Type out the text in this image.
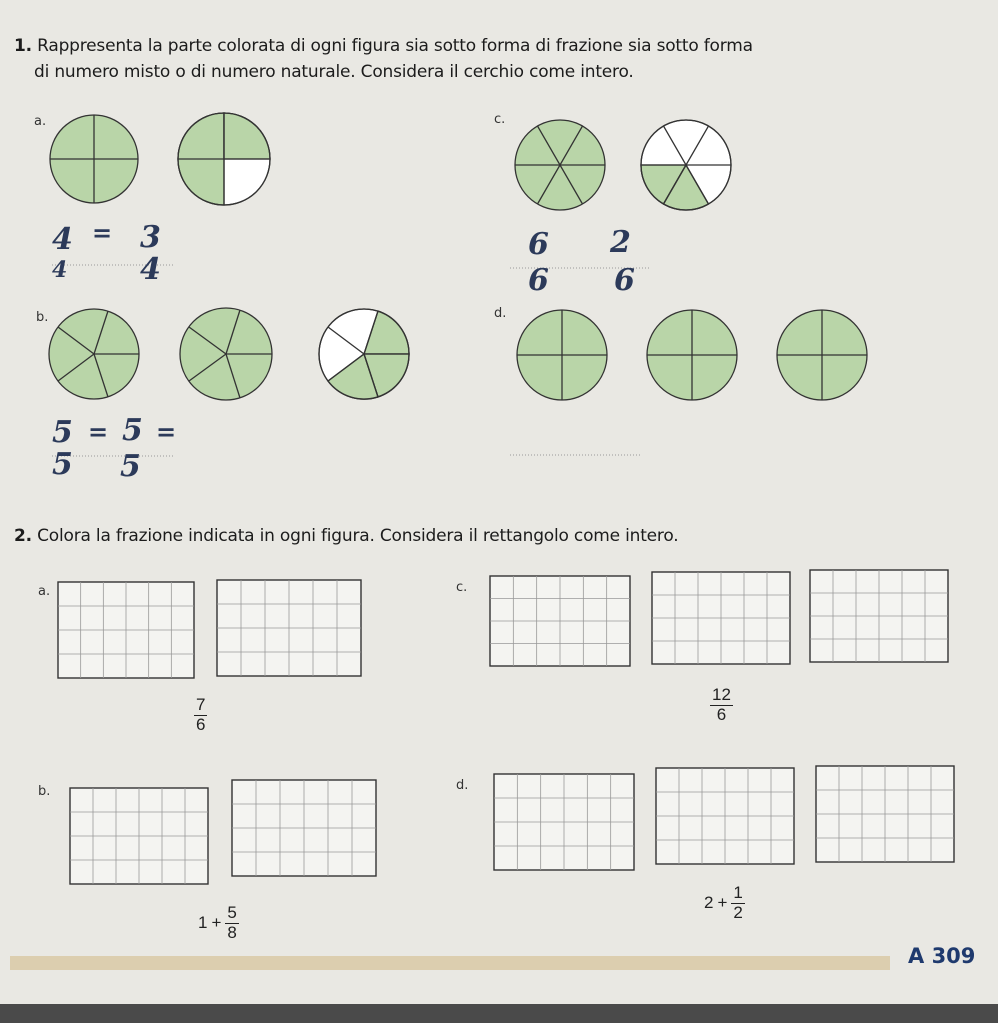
1. Rappresenta la parte colorata di ogni figura sia sotto forma di frazione sia sotto forma
di numero misto o di numero naturale. Considera il cerchio come intero.
a.
b.
c.
d.
4
4
= 3
4
6
6
2
6
5
5
= 5
5
=
2. Colora la frazione indicata in ogni figura. Considera il rettangolo come intero.
a.	c.
b.	d.
$\frac{7}{6}$	$\frac{12}{6}$
$1 + \frac{5}{8}$
$2 + \frac{1}{2}$
A 309
